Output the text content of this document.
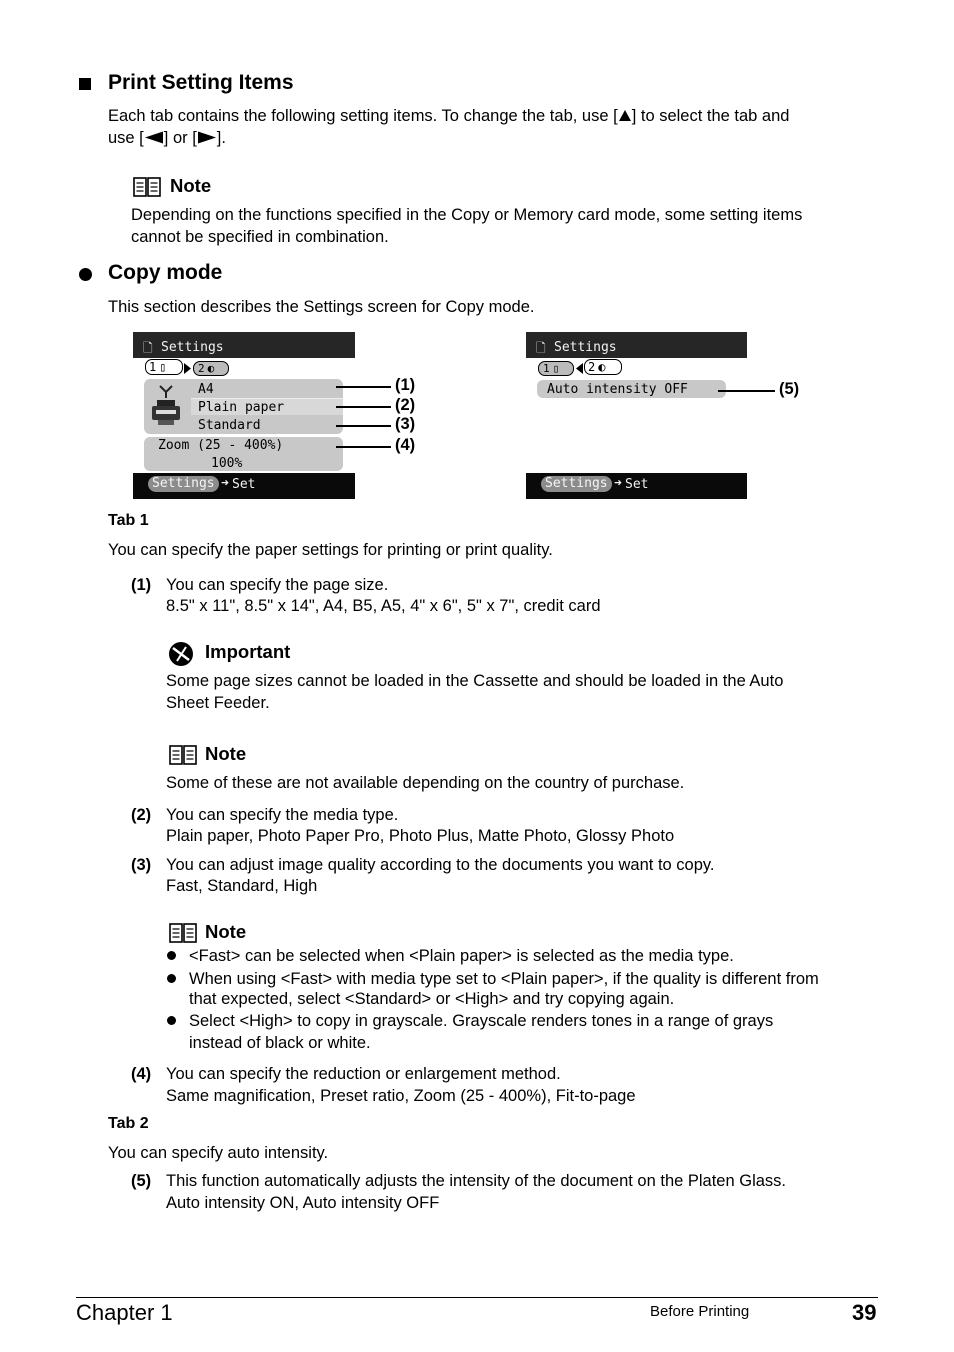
Print Setting Items
Each tab contains the following setting items. To change the tab, use [ ] to select the tab and
use [ ] or [ ].
Note
Depending on the functions specified in the Copy or Memory card mode, some setting items
cannot be specified in combination.
Copy mode
This section describes the Settings screen for Copy mode.
🗋 Settings
1 ▯	2 ◐
A4
Plain paper
Standard
Zoom (25 - 400%)
100%
Settings ➜ Set
(1)
(2)
(3)
(4)
🗋 Settings
1 ▯	2 ◐
Auto intensity OFF
Settings ➜ Set
(5)
Tab 1
You can specify the paper settings for printing or print quality.
(1) You can specify the page size.
8.5" x 11", 8.5" x 14", A4, B5, A5, 4" x 6", 5" x 7", credit card
Important
Some page sizes cannot be loaded in the Cassette and should be loaded in the Auto
Sheet Feeder.
Note
Some of these are not available depending on the country of purchase.
(2) You can specify the media type.
Plain paper, Photo Paper Pro, Photo Plus, Matte Photo, Glossy Photo
(3) You can adjust image quality according to the documents you want to copy.
Fast, Standard, High
Note
<Fast> can be selected when <Plain paper> is selected as the media type.
When using <Fast> with media type set to <Plain paper>, if the quality is different from
that expected, select <Standard> or <High> and try copying again.
Select <High> to copy in grayscale. Grayscale renders tones in a range of grays
instead of black or white.
(4) You can specify the reduction or enlargement method.
Same magnification, Preset ratio, Zoom (25 - 400%), Fit-to-page
Tab 2
You can specify auto intensity.
(5) This function automatically adjusts the intensity of the document on the Platen Glass.
Auto intensity ON, Auto intensity OFF
Chapter 1	Before Printing	39
